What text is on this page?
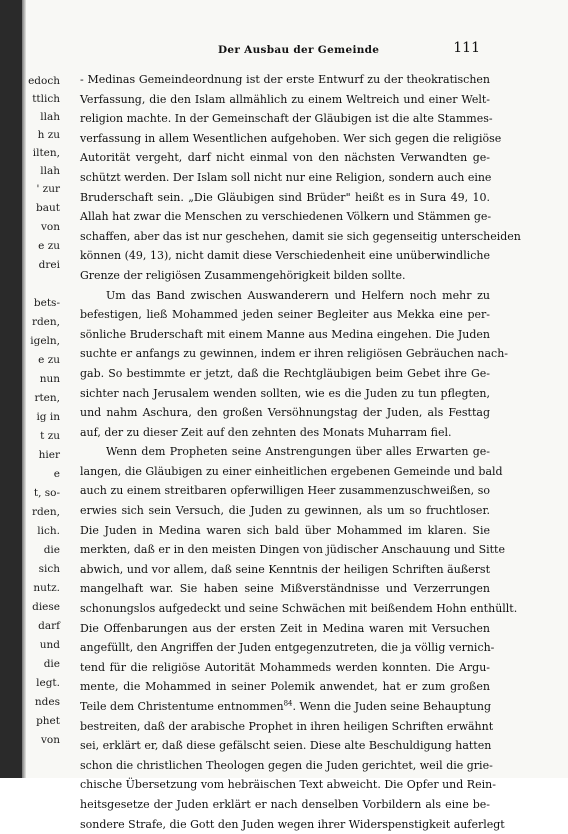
edoch
ttlich
llah
h zu
ilten,
llah
' zur
baut
von
e zu
drei
bets-
rden,
igeln,
e zu
nun
rten,
ig in
t zu
hier
e
t, so-
rden,
lich.
die
sich
nutz.
diese
darf
und
die
legt.
ndes
phet
von
Der Ausbau der Gemeinde	111
- Medinas Gemeindeordnung ist der erste Entwurf zu der theokratischen
Verfassung, die den Islam allmählich zu einem Weltreich und einer Welt-
religion machte. In der Gemeinschaft der Gläubigen ist die alte Stammes-
verfassung in allem Wesentlichen aufgehoben. Wer sich gegen die religiöse
Autorität vergeht, darf nicht einmal von den nächsten Verwandten ge-
schützt werden. Der Islam soll nicht nur eine Religion, sondern auch eine
Bruderschaft sein. „Die Gläubigen sind Brüder" heißt es in Sura 49, 10.
Allah hat zwar die Menschen zu verschiedenen Völkern und Stämmen ge-
schaffen, aber das ist nur geschehen, damit sie sich gegenseitig unterscheiden
können (49, 13), nicht damit diese Verschiedenheit eine unüberwindliche
Grenze der religiösen Zusammengehörigkeit bilden sollte.
Um das Band zwischen Auswanderern und Helfern noch mehr zu
befestigen, ließ Mohammed jeden seiner Begleiter aus Mekka eine per-
sönliche Bruderschaft mit einem Manne aus Medina eingehen. Die Juden
suchte er anfangs zu gewinnen, indem er ihren religiösen Gebräuchen nach-
gab. So bestimmte er jetzt, daß die Rechtgläubigen beim Gebet ihre Ge-
sichter nach Jerusalem wenden sollten, wie es die Juden zu tun pflegten,
und nahm Aschura, den großen Versöhnungstag der Juden, als Festtag
auf, der zu dieser Zeit auf den zehnten des Monats Muharram fiel.
Wenn dem Propheten seine Anstrengungen über alles Erwarten ge-
langen, die Gläubigen zu einer einheitlichen ergebenen Gemeinde und bald
auch zu einem streitbaren opferwilligen Heer zusammenzuschweißen, so
erwies sich sein Versuch, die Juden zu gewinnen, als um so fruchtloser.
Die Juden in Medina waren sich bald über Mohammed im klaren. Sie
merkten, daß er in den meisten Dingen von jüdischer Anschauung und Sitte
abwich, und vor allem, daß seine Kenntnis der heiligen Schriften äußerst
mangelhaft war. Sie haben seine Mißverständnisse und Verzerrungen
schonungslos aufgedeckt und seine Schwächen mit beißendem Hohn enthüllt.
Die Offenbarungen aus der ersten Zeit in Medina waren mit Versuchen
angefüllt, den Angriffen der Juden entgegenzutreten, die ja völlig vernich-
tend für die religiöse Autorität Mohammeds werden konnten. Die Argu-
mente, die Mohammed in seiner Polemik anwendet, hat er zum großen
Teile dem Christentume entnommen$^{84}$. Wenn die Juden seine Behauptung
bestreiten, daß der arabische Prophet in ihren heiligen Schriften erwähnt
sei, erklärt er, daß diese gefälscht seien. Diese alte Beschuldigung hatten
schon die christlichen Theologen gegen die Juden gerichtet, weil die grie-
chische Übersetzung vom hebräischen Text abweicht. Die Opfer und Rein-
heitsgesetze der Juden erklärt er nach denselben Vorbildern als eine be-
sondere Strafe, die Gott den Juden wegen ihrer Widerspenstigkeit auferlegt
